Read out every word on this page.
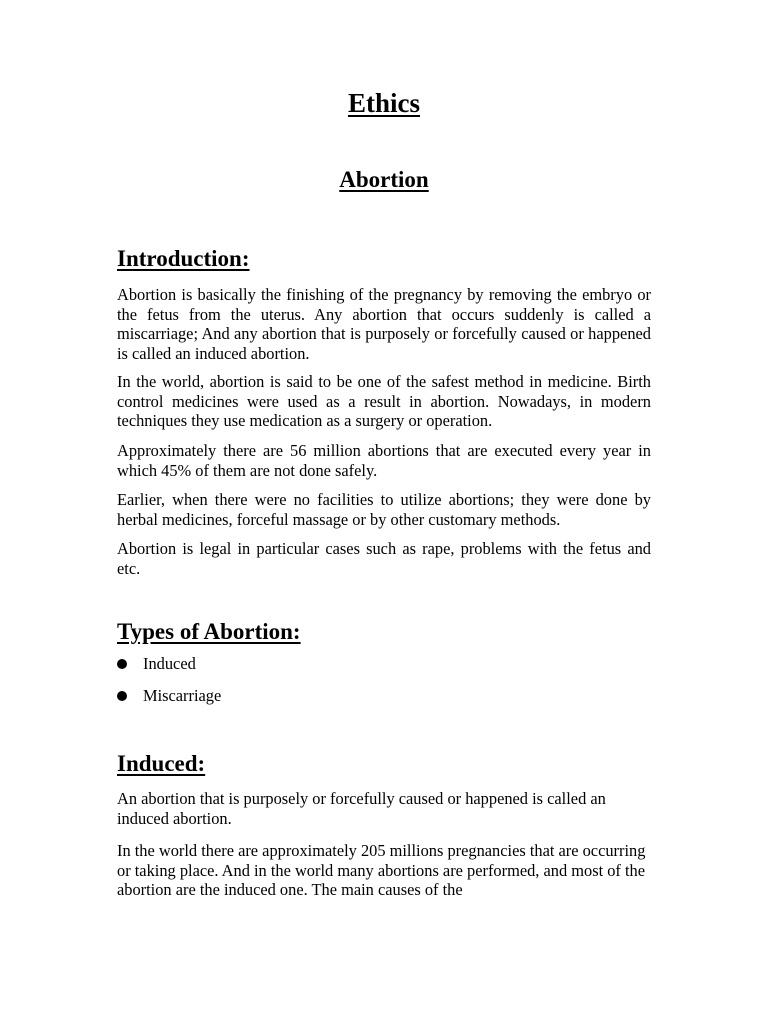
Ethics
Abortion
Introduction:
Abortion is basically the finishing of the pregnancy by removing the embryo or the fetus from the uterus. Any abortion that occurs suddenly is called a miscarriage; And any abortion that is purposely or forcefully caused or happened is called an induced abortion.
In the world, abortion is said to be one of the safest method in medicine. Birth control medicines were used as a result in abortion. Nowadays, in modern techniques they use medication as a surgery or operation.
Approximately there are 56 million abortions that are executed every year in which 45% of them are not done safely.
Earlier, when there were no facilities to utilize abortions; they were done by herbal medicines, forceful massage or by other customary methods.
Abortion is legal in particular cases such as rape, problems with the fetus and etc.
Types of Abortion:
Induced
Miscarriage
Induced:
An abortion that is purposely or forcefully caused or happened is called an induced abortion.
In the world there are approximately 205 millions pregnancies that are occurring or taking place. And in the world many abortions are performed, and most of the abortion are the induced one. The main causes of the
